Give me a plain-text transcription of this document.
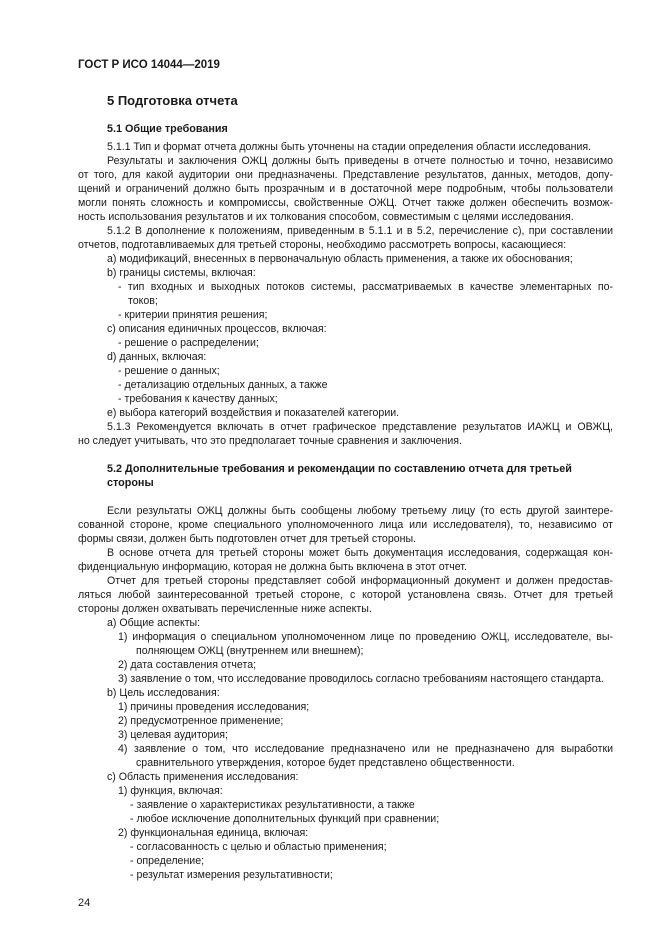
ГОСТ Р ИСО 14044—2019
5 Подготовка отчета
5.1 Общие требования
5.1.1 Тип и формат отчета должны быть уточнены на стадии определения области исследования.
Результаты и заключения ОЖЦ должны быть приведены в отчете полностью и точно, независимо
от того, для какой аудитории они предназначены. Представление результатов, данных, методов, допу-
щений и ограничений должно быть прозрачным и в достаточной мере подробным, чтобы пользователи
могли понять сложность и компромиссы, свойственные ОЖЦ. Отчет также должен обеспечить возмож-
ность использования результатов и их толкования способом, совместимым с целями исследования.
5.1.2 В дополнение к положениям, приведенным в 5.1.1 и в 5.2, перечисление с), при составлении
отчетов, подготавливаемых для третьей стороны, необходимо рассмотреть вопросы, касающиеся:
а) модификаций, внесенных в первоначальную область применения, а также их обоснования;
b) границы системы, включая:
- тип входных и выходных потоков системы, рассматриваемых в качестве элементарных по-
токов;
- критерии принятия решения;
с) описания единичных процессов, включая:
- решение о распределении;
d) данных, включая:
- решение о данных;
- детализацию отдельных данных, а также
- требования к качеству данных;
е) выбора категорий воздействия и показателей категории.
5.1.3 Рекомендуется включать в отчет графическое представление результатов ИАЖЦ и ОВЖЦ,
но следует учитывать, что это предполагает точные сравнения и заключения.
5.2 Дополнительные требования и рекомендации по составлению отчета для третьей
стороны
Если результаты ОЖЦ должны быть сообщены любому третьему лицу (то есть другой заинтере-
сованной стороне, кроме специального уполномоченного лица или исследователя), то, независимо от
формы связи, должен быть подготовлен отчет для третьей стороны.
В основе отчета для третьей стороны может быть документация исследования, содержащая кон-
фиденциальную информацию, которая не должна быть включена в этот отчет.
Отчет для третьей стороны представляет собой информационный документ и должен предостав-
ляться любой заинтересованной третьей стороне, с которой установлена связь. Отчет для третьей
стороны должен охватывать перечисленные ниже аспекты.
а) Общие аспекты:
1) информация о специальном уполномоченном лице по проведению ОЖЦ, исследователе, вы-
полняющем ОЖЦ (внутреннем или внешнем);
2) дата составления отчета;
3) заявление о том, что исследование проводилось согласно требованиям настоящего стандарта.
b) Цель исследования:
1) причины проведения исследования;
2) предусмотренное применение;
3) целевая аудитория;
4) заявление о том, что исследование предназначено или не предназначено для выработки
сравнительного утверждения, которое будет представлено общественности.
с) Область применения исследования:
1) функция, включая:
- заявление о характеристиках результативности, а также
- любое исключение дополнительных функций при сравнении;
2) функциональная единица, включая:
- согласованность с целью и областью применения;
- определение;
- результат измерения результативности;
24
